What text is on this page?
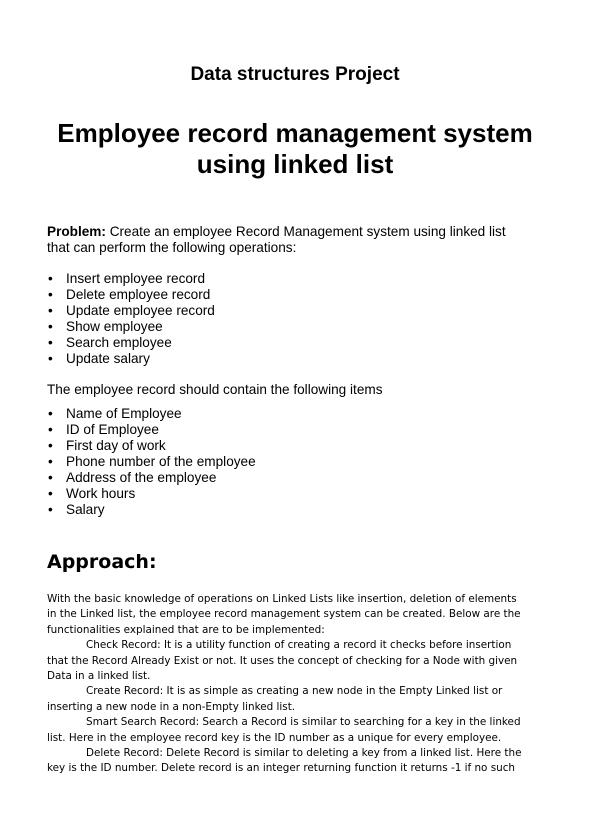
Data structures Project
Employee record management system
using linked list
Problem: Create an employee Record Management system using linked list
that can perform the following operations:
• Insert employee record
• Delete employee record
• Update employee record
• Show employee
• Search employee
• Update salary
The employee record should contain the following items
• Name of Employee
• ID of Employee
• First day of work
• Phone number of the employee
• Address of the employee
• Work hours
• Salary
Approach:
With the basic knowledge of operations on Linked Lists like insertion, deletion of elements
in the Linked list, the employee record management system can be created. Below are the
functionalities explained that are to be implemented:
Check Record: It is a utility function of creating a record it checks before insertion
that the Record Already Exist or not. It uses the concept of checking for a Node with given
Data in a linked list.
Create Record: It is as simple as creating a new node in the Empty Linked list or
inserting a new node in a non-Empty linked list.
Smart Search Record: Search a Record is similar to searching for a key in the linked
list. Here in the employee record key is the ID number as a unique for every employee.
Delete Record: Delete Record is similar to deleting a key from a linked list. Here the
key is the ID number. Delete record is an integer returning function it returns -1 if no such
